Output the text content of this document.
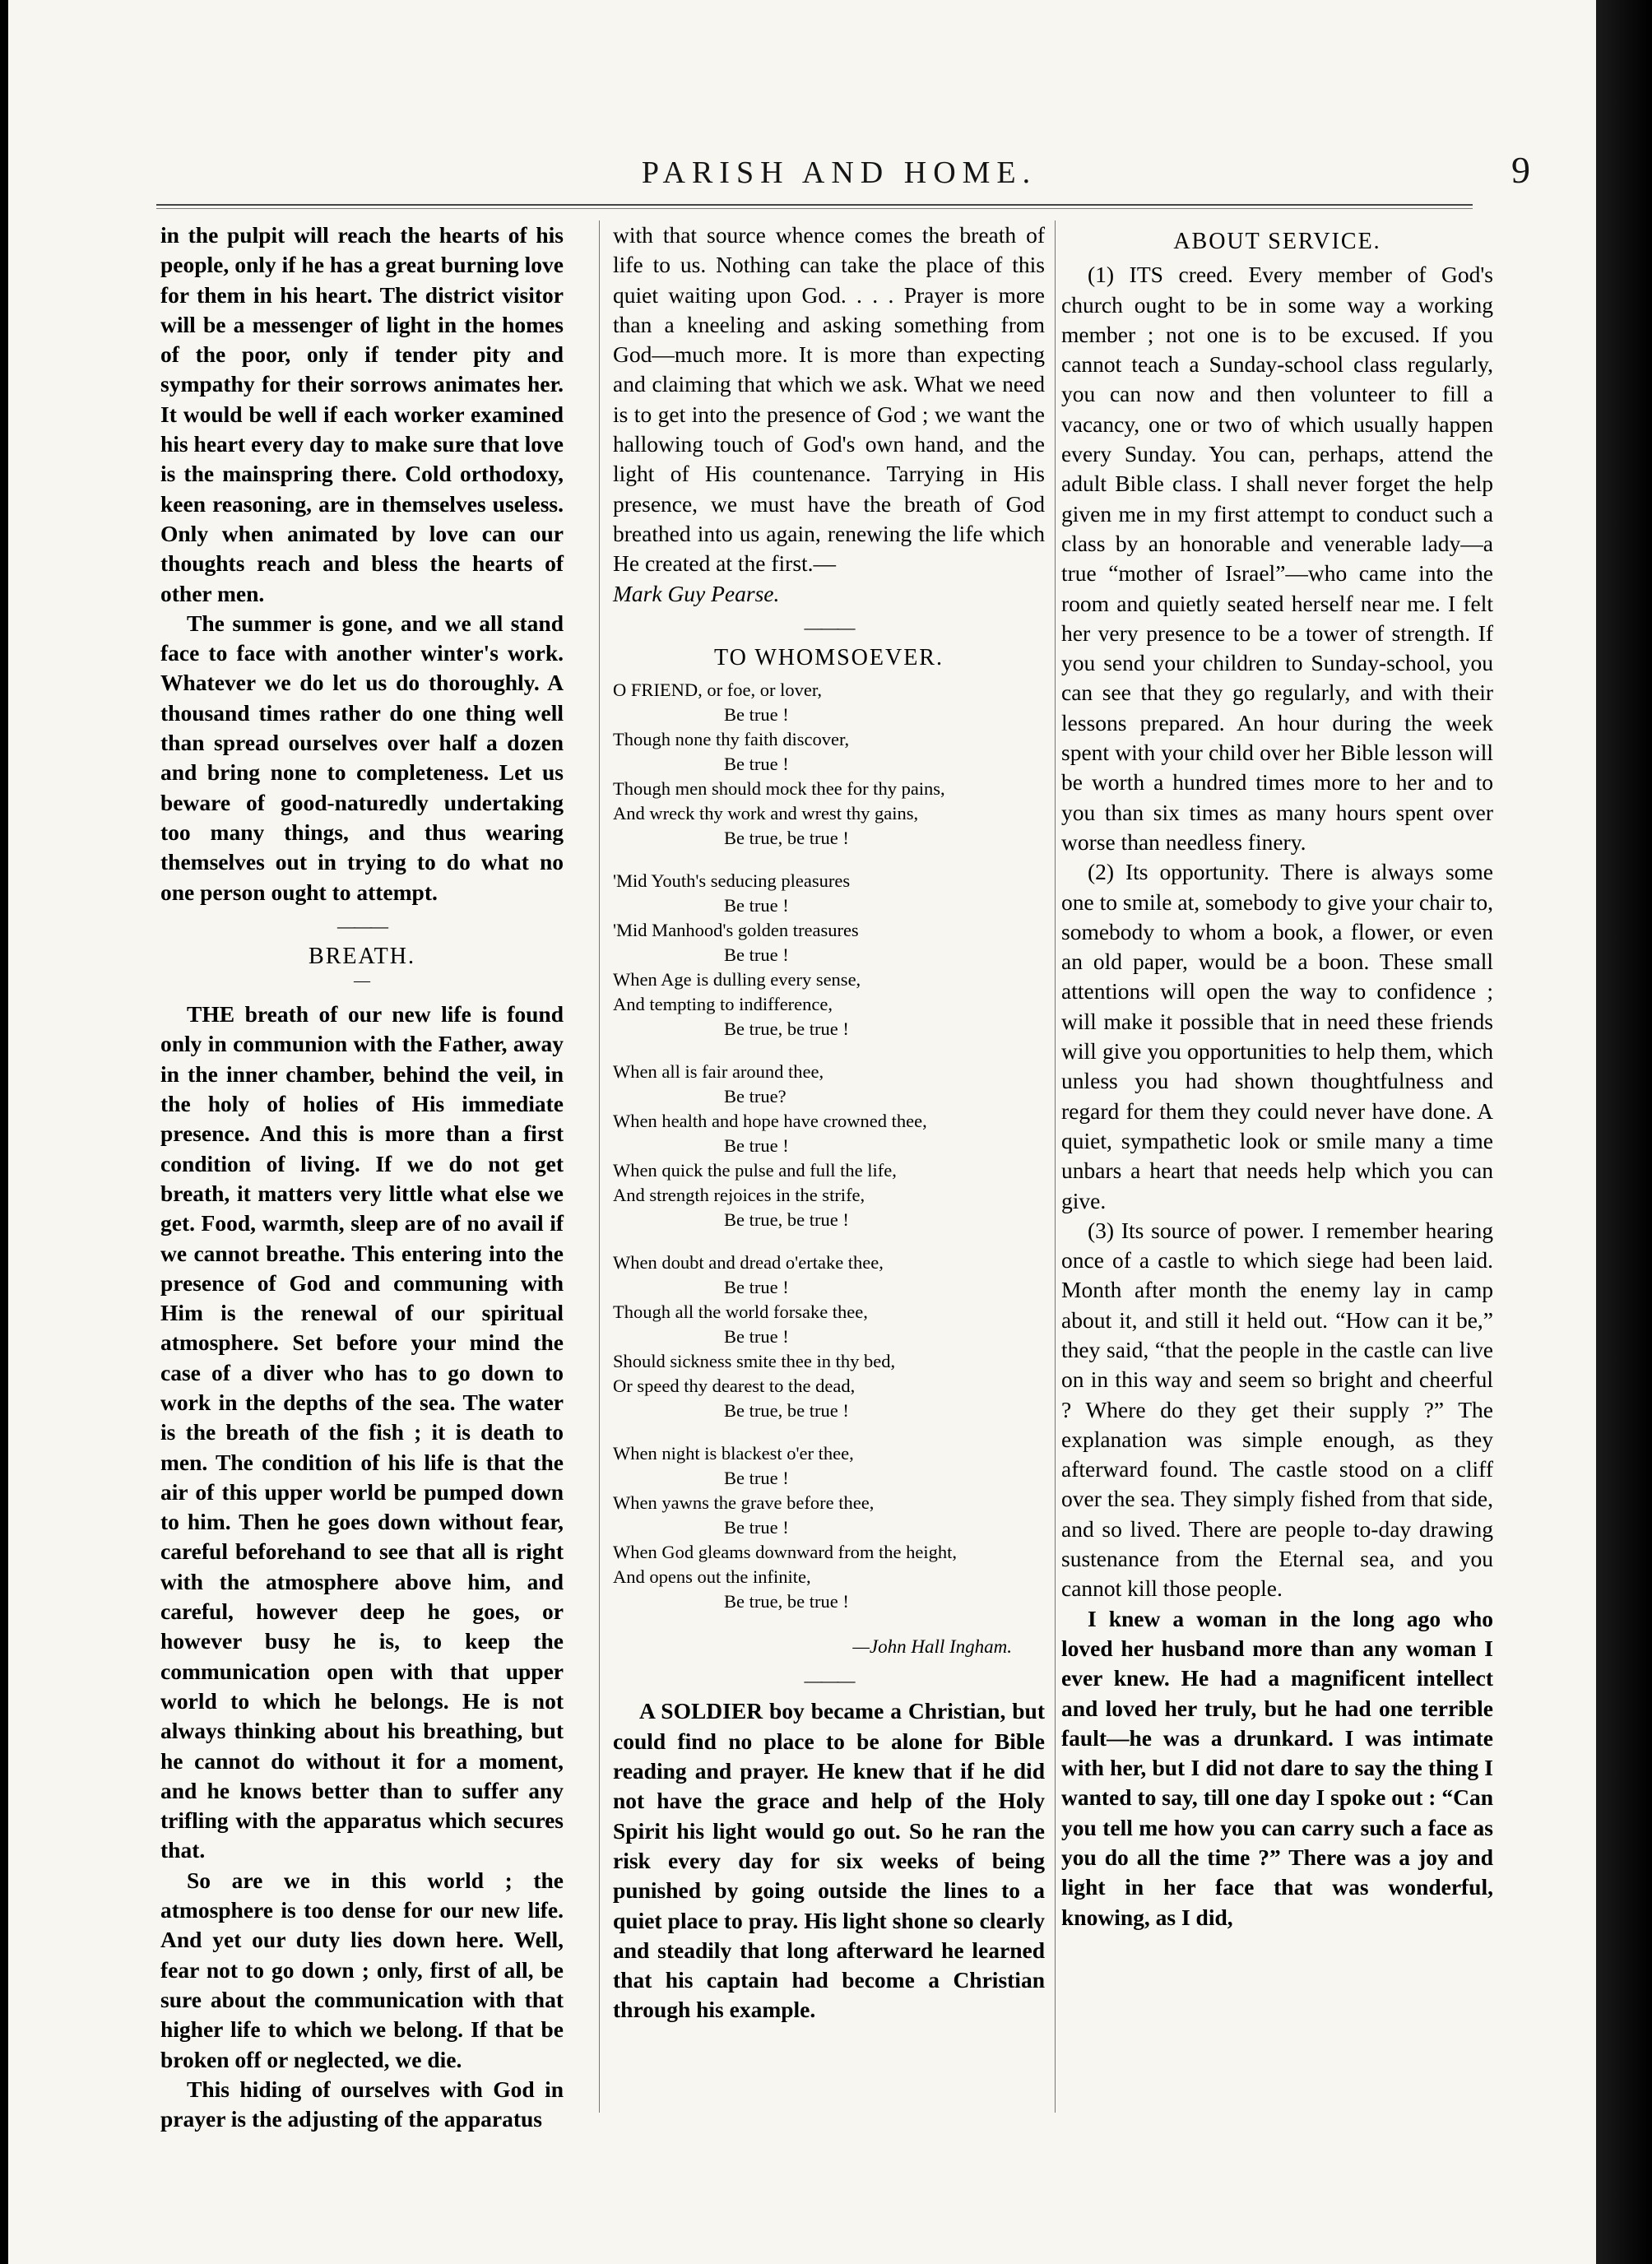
PARISH AND HOME.	9

in the pulpit will reach the hearts of his people, only if he has a great burning love for them in his heart. The district visitor will be a messenger of light in the homes of the poor, only if tender pity and sympathy for their sorrows animates her. It would be well if each worker examined his heart every day to make sure that love is the mainspring there. Cold orthodoxy, keen reasoning, are in themselves useless. Only when animated by love can our thoughts reach and bless the hearts of other men.

The summer is gone, and we all stand face to face with another winter's work. Whatever we do let us do thoroughly. A thousand times rather do one thing well than spread ourselves over half a dozen and bring none to completeness. Let us beware of good-naturedly undertaking too many things, and thus wearing themselves out in trying to do what no one person ought to attempt.

———
BREATH.
—

THE breath of our new life is found only in communion with the Father, away in the inner chamber, behind the veil, in the holy of holies of His immediate presence. And this is more than a first condition of living. If we do not get breath, it matters very little what else we get. Food, warmth, sleep are of no avail if we cannot breathe. This entering into the presence of God and communing with Him is the renewal of our spiritual atmosphere. Set before your mind the case of a diver who has to go down to work in the depths of the sea. The water is the breath of the fish ; it is death to men. The condition of his life is that the air of this upper world be pumped down to him. Then he goes down without fear, careful beforehand to see that all is right with the atmosphere above him, and careful, however deep he goes, or however busy he is, to keep the communication open with that upper world to which he belongs. He is not always thinking about his breathing, but he cannot do without it for a moment, and he knows better than to suffer any trifling with the apparatus which secures that.

So are we in this world ; the atmosphere is too dense for our new life. And yet our duty lies down here. Well, fear not to go down ; only, first of all, be sure about the communication with that higher life to which we belong. If that be broken off or neglected, we die.

This hiding of ourselves with God in prayer is the adjusting of the apparatus

with that source whence comes the breath of life to us. Nothing can take the place of this quiet waiting upon God. . . . Prayer is more than a kneeling and asking something from God—much more. It is more than expecting and claiming that which we ask. What we need is to get into the presence of God ; we want the hallowing touch of God's own hand, and the light of His countenance. Tarrying in His presence, we must have the breath of God breathed into us again, renewing the life which He created at the first.—

Mark Guy Pearse.

———
TO WHOMSOEVER.
O FRIEND, or foe, or lover,
Be true !
Though none thy faith discover,
Be true !
Though men should mock thee for thy pains,
And wreck thy work and wrest thy gains,
Be true, be true !
'Mid Youth's seducing pleasures
Be true !
'Mid Manhood's golden treasures
Be true !
When Age is dulling every sense,
And tempting to indifference,
Be true, be true !
When all is fair around thee,
Be true?
When health and hope have crowned thee,
Be true !
When quick the pulse and full the life,
And strength rejoices in the strife,
Be true, be true !
When doubt and dread o'ertake thee,
Be true !
Though all the world forsake thee,
Be true !
Should sickness smite thee in thy bed,
Or speed thy dearest to the dead,
Be true, be true !
When night is blackest o'er thee,
Be true !
When yawns the grave before thee,
Be true !
When God gleams downward from the height,
And opens out the infinite,
Be true, be true !
—John Hall Ingham.
———

A SOLDIER boy became a Christian, but could find no place to be alone for Bible reading and prayer. He knew that if he did not have the grace and help of the Holy Spirit his light would go out. So he ran the risk every day for six weeks of being punished by going outside the lines to a quiet place to pray. His light shone so clearly and steadily that long afterward he learned that his captain had become a Christian through his example.

ABOUT SERVICE.

(1) ITS creed. Every member of God's church ought to be in some way a working member ; not one is to be excused. If you cannot teach a Sunday-school class regularly, you can now and then volunteer to fill a vacancy, one or two of which usually happen every Sunday. You can, perhaps, attend the adult Bible class. I shall never forget the help given me in my first attempt to conduct such a class by an honorable and venerable lady—a true “mother of Israel”—who came into the room and quietly seated herself near me. I felt her very presence to be a tower of strength. If you send your children to Sunday-school, you can see that they go regularly, and with their lessons prepared. An hour during the week spent with your child over her Bible lesson will be worth a hundred times more to her and to you than six times as many hours spent over worse than needless finery.

(2) Its opportunity. There is always some one to smile at, somebody to give your chair to, somebody to whom a book, a flower, or even an old paper, would be a boon. These small attentions will open the way to confidence ; will make it possible that in need these friends will give you opportunities to help them, which unless you had shown thoughtfulness and regard for them they could never have done. A quiet, sympathetic look or smile many a time unbars a heart that needs help which you can give.

(3) Its source of power. I remember hearing once of a castle to which siege had been laid. Month after month the enemy lay in camp about it, and still it held out. “How can it be,” they said, “that the people in the castle can live on in this way and seem so bright and cheerful ? Where do they get their supply ?” The explanation was simple enough, as they afterward found. The castle stood on a cliff over the sea. They simply fished from that side, and so lived. There are people to-day drawing sustenance from the Eternal sea, and you cannot kill those people.

I knew a woman in the long ago who loved her husband more than any woman I ever knew. He had a magnificent intellect and loved her truly, but he had one terrible fault—he was a drunkard. I was intimate with her, but I did not dare to say the thing I wanted to say, till one day I spoke out : “Can you tell me how you can carry such a face as you do all the time ?” There was a joy and light in her face that was wonderful, knowing, as I did,
